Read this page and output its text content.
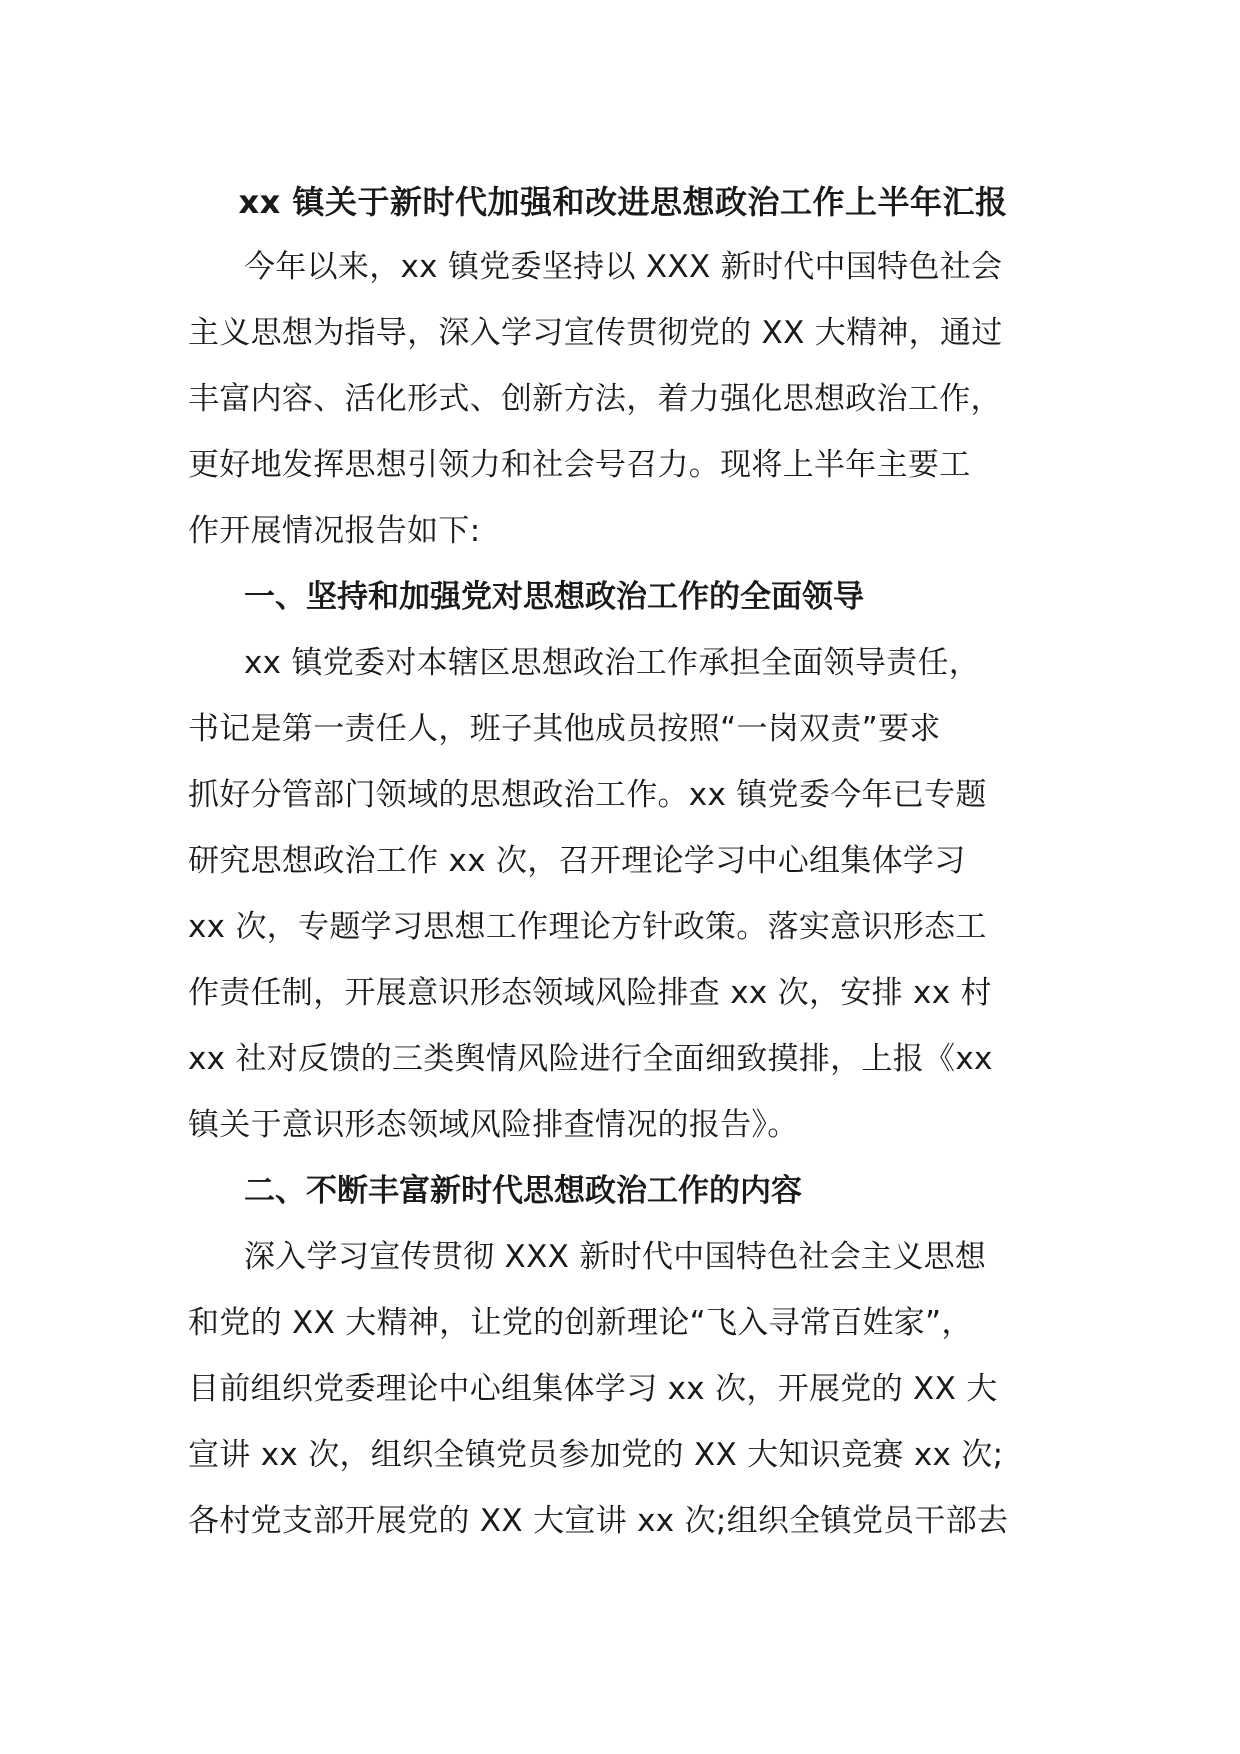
xx 镇关于新时代加强和改进思想政治工作上半年汇报
今年以来，xx 镇党委坚持以 XXX 新时代中国特色社会
主义思想为指导，深入学习宣传贯彻党的 XX 大精神，通过
丰富内容、活化形式、创新方法，着力强化思想政治工作，
更好地发挥思想引领力和社会号召力。现将上半年主要工
作开展情况报告如下:
一、坚持和加强党对思想政治工作的全面领导
xx 镇党委对本辖区思想政治工作承担全面领导责任，
书记是第一责任人，班子其他成员按照“一岗双责”要求
抓好分管部门领域的思想政治工作。xx 镇党委今年已专题
研究思想政治工作 xx 次，召开理论学习中心组集体学习
xx 次，专题学习思想工作理论方针政策。落实意识形态工
作责任制，开展意识形态领域风险排查 xx 次，安排 xx 村
xx 社对反馈的三类舆情风险进行全面细致摸排，上报《xx
镇关于意识形态领域风险排查情况的报告》。
二、不断丰富新时代思想政治工作的内容
深入学习宣传贯彻 XXX 新时代中国特色社会主义思想
和党的 XX 大精神，让党的创新理论“飞入寻常百姓家”，
目前组织党委理论中心组集体学习 xx 次，开展党的 XX 大
宣讲 xx 次，组织全镇党员参加党的 XX 大知识竞赛 xx 次;
各村党支部开展党的 XX 大宣讲 xx 次;组织全镇党员干部去
